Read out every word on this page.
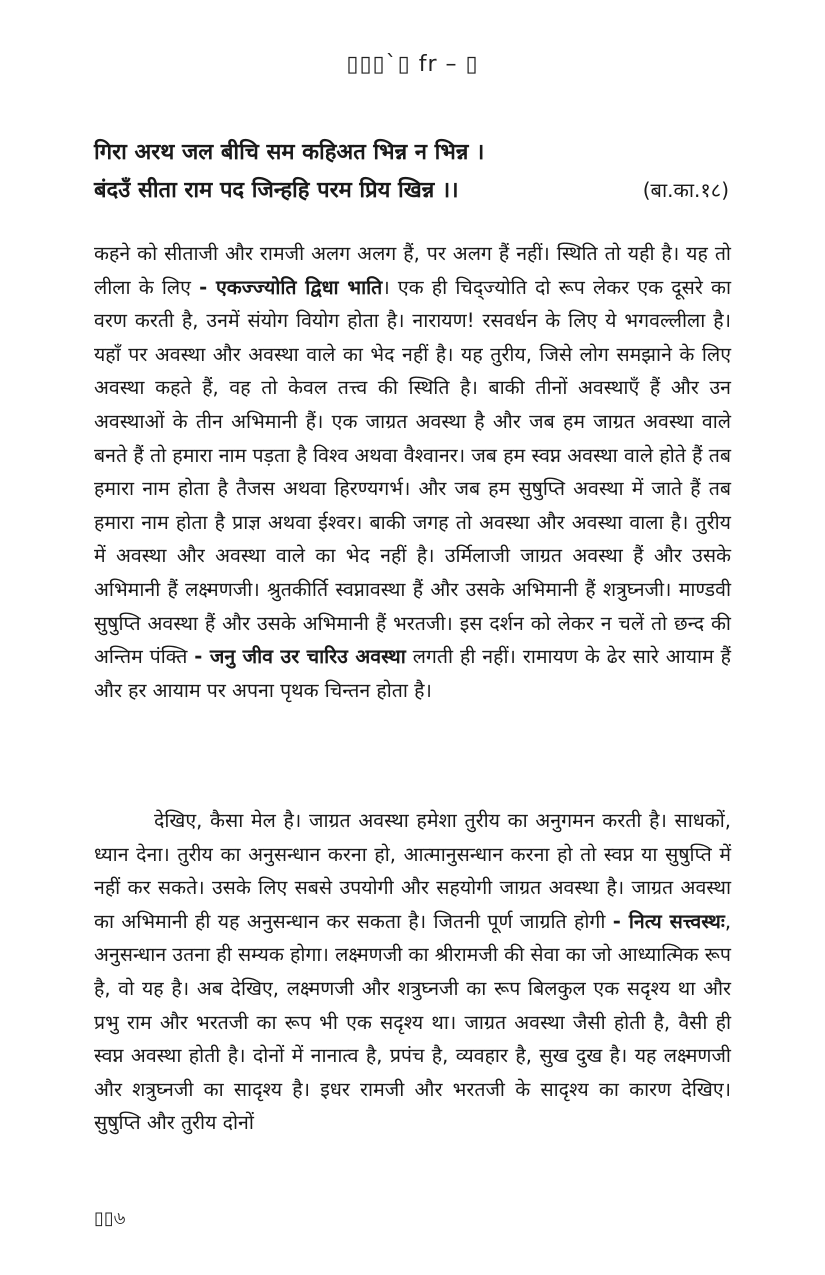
▯▯▯`▯ fr – ▯
गिरा अरथ जल बीचि सम कहिअत भिन्न न भिन्न ।
बंदउँ सीता राम पद जिन्हहि परम प्रिय खिन्न ।।	(बा.का.१८)

कहने को सीताजी और रामजी अलग अलग हैं, पर अलग हैं नहीं। स्थिति तो यही है। यह तो लीला के लिए - एकज्ज्योति द्विधा भाति। एक ही चिद्ज्योति दो रूप लेकर एक दूसरे का वरण करती है, उनमें संयोग वियोग होता है। नारायण! रसवर्धन के लिए ये भगवल्लीला है। यहाँ पर अवस्था और अवस्था वाले का भेद नहीं है। यह तुरीय, जिसे लोग समझाने के लिए अवस्था कहते हैं, वह तो केवल तत्त्व की स्थिति है। बाकी तीनों अवस्थाएँ हैं और उन अवस्थाओं के तीन अभिमानी हैं। एक जाग्रत अवस्था है और जब हम जाग्रत अवस्था वाले बनते हैं तो हमारा नाम पड़ता है विश्व अथवा वैश्वानर। जब हम स्वप्न अवस्था वाले होते हैं तब हमारा नाम होता है तैजस अथवा हिरण्यगर्भ। और जब हम सुषुप्ति अवस्था में जाते हैं तब हमारा नाम होता है प्राज्ञ अथवा ईश्वर। बाकी जगह तो अवस्था और अवस्था वाला है। तुरीय में अवस्था और अवस्था वाले का भेद नहीं है। उर्मिलाजी जाग्रत अवस्था हैं और उसके अभिमानी हैं लक्ष्मणजी। श्रुतकीर्ति स्वप्नावस्था हैं और उसके अभिमानी हैं शत्रुघ्नजी। माण्डवी सुषुप्ति अवस्था हैं और उसके अभिमानी हैं भरतजी। इस दर्शन को लेकर न चलें तो छन्द की अन्तिम पंक्ति - जनु जीव उर चारिउ अवस्था लगती ही नहीं। रामायण के ढेर सारे आयाम हैं और हर आयाम पर अपना पृथक चिन्तन होता है।

देखिए, कैसा मेल है। जाग्रत अवस्था हमेशा तुरीय का अनुगमन करती है। साधकों, ध्यान देना। तुरीय का अनुसन्धान करना हो, आत्मानुसन्धान करना हो तो स्वप्न या सुषुप्ति में नहीं कर सकते। उसके लिए सबसे उपयोगी और सहयोगी जाग्रत अवस्था है। जाग्रत अवस्था का अभिमानी ही यह अनुसन्धान कर सकता है। जितनी पूर्ण जाग्रति होगी - नित्य सत्त्वस्थः, अनुसन्धान उतना ही सम्यक होगा। लक्ष्मणजी का श्रीरामजी की सेवा का जो आध्यात्मिक रूप है, वो यह है। अब देखिए, लक्ष्मणजी और शत्रुघ्नजी का रूप बिलकुल एक सदृश्य था और प्रभु राम और भरतजी का रूप भी एक सदृश्य था। जाग्रत अवस्था जैसी होती है, वैसी ही स्वप्न अवस्था होती है। दोनों में नानात्व है, प्रपंच है, व्यवहार है, सुख दुख है। यह लक्ष्मणजी और शत्रुघ्नजी का सादृश्य है। इधर रामजी और भरतजी के सादृश्य का कारण देखिए। सुषुप्ति और तुरीय दोनों

▯▯৬
